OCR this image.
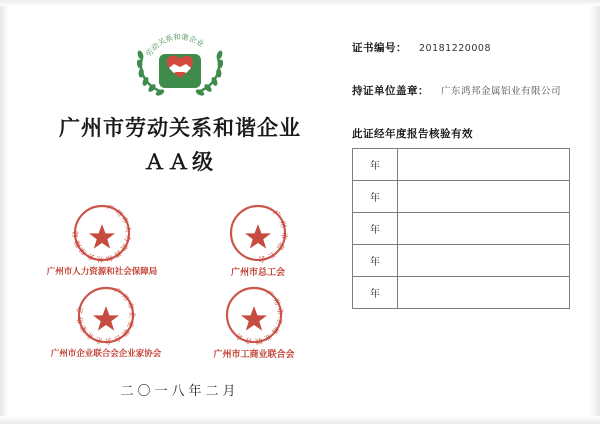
劳动关系和谐企业
广州市劳动关系和谐企业
ＡＡ级
广州市人力资源和社会保障局
广州市人力资源和社会保障局
广州市总工会
广州市总工会
广州市企业联合会企业家协会
广州市企业联合会企业家协会
广州市工商业联合会
广州市工商业联合会
二〇一八年二月
证书编号： 20181220008
持证单位盖章： 广东鸿邦金属铝业有限公司
此证经年度报告核验有效
年	
年	
年	
年	
年	
